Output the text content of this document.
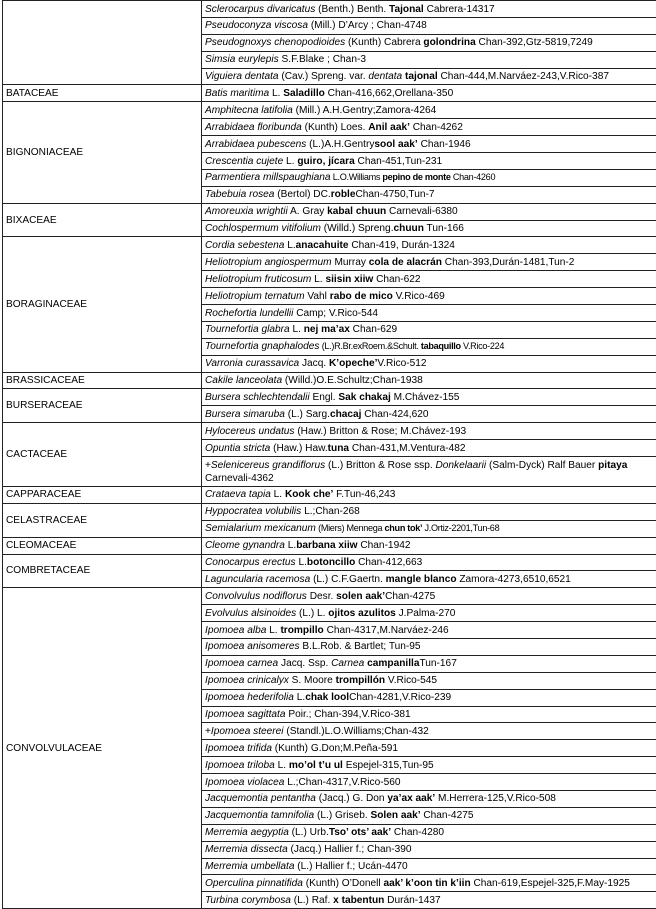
	Sclerocarpus divaricatus (Benth.) Benth. Tajonal Cabrera-14317
	Pseudoconyza viscosa (Mill.) D’Arcy ; Chan-4748
	Pseudognoxys chenopodioides (Kunth) Cabrera golondrina Chan-392,Gtz-5819,7249
	Simsia eurylepis S.F.Blake ; Chan-3
	Viguiera dentata (Cav.) Spreng. var. dentata tajonal Chan-444,M.Narváez-243,V.Rico-387
BATACEAE	Batis maritima L. Saladillo Chan-416,662,Orellana-350
BIGNONIACEAE	Amphitecna latifolia (Mill.) A.H.Gentry;Zamora-4264
	Arrabidaea floribunda (Kunth) Loes. Anil aak’ Chan-4262
	Arrabidaea pubescens (L.)A.H.Gentrysool aak’ Chan-1946
	Crescentia cujete L. guiro, jícara Chan-451,Tun-231
	Parmentiera millspaughiana L.O.Williams pepino de monte Chan-4260
	Tabebuia rosea (Bertol) DC.robleChan-4750,Tun-7
BIXACEAE	Amoreuxia wrightii A. Gray kabal chuun Carnevali-6380
	Cochlospermum vitifolium (Willd.) Spreng.chuun Tun-166
BORAGINACEAE	Cordia sebestena L.anacahuite Chan-419, Durán-1324
	Heliotropium angiospermum Murray cola de alacrán Chan-393,Durán-1481,Tun-2
	Heliotropium fruticosum L. siisin xiiw Chan-622
	Heliotropium ternatum Vahl rabo de mico V.Rico-469
	Rochefortia lundellii Camp; V.Rico-544
	Tournefortia glabra L. nej ma’ax Chan-629
	Tournefortia gnaphalodes (L.)R.Br.exRoem.&Schult. tabaquillo V.Rico-224
	Varronia curassavica Jacq. K’opeche’V.Rico-512
BRASSICACEAE	Cakile lanceolata (Willd.)O.E.Schultz;Chan-1938
BURSERACEAE	Bursera schlechtendalii Engl. Sak chakaj M.Chávez-155
	Bursera simaruba (L.) Sarg.chacaj Chan-424,620
CACTACEAE	Hylocereus undatus (Haw.) Britton & Rose; M.Chávez-193
	Opuntia stricta (Haw.) Haw.tuna Chan-431,M.Ventura-482
	+Selenicereus grandiflorus (L.) Britton & Rose ssp. Donkelaarii (Salm-Dyck) Ralf Bauer pitaya Carnevali-4362
CAPPARACEAE	Crataeva tapia L. Kook che’ F.Tun-46,243
CELASTRACEAE	Hyppocratea volubilis L.;Chan-268
	Semialarium mexicanum (Miers) Mennega chun tok’ J.Ortiz-2201,Tun-68
CLEOMACEAE	Cleome gynandra L.barbana xiiw Chan-1942
COMBRETACEAE	Conocarpus erectus L.botoncillo Chan-412,663
	Laguncularia racemosa (L.) C.F.Gaertn. mangle blanco Zamora-4273,6510,6521
CONVOLVULACEAE	Convolvulus nodiflorus Desr. solen aak’Chan-4275
	Evolvulus alsinoides (L.) L. ojitos azulitos J.Palma-270
	Ipomoea alba L. trompillo Chan-4317,M.Narváez-246
	Ipomoea anisomeres B.L.Rob. & Bartlet; Tun-95
	Ipomoea carnea Jacq. Ssp. Carnea campanillaTun-167
	Ipomoea crinicalyx S. Moore trompillón V.Rico-545
	Ipomoea hederifolia L.chak loolChan-4281,V.Rico-239
	Ipomoea sagittata Poir.; Chan-394,V.Rico-381
	+Ipomoea steerei (Standl.)L.O.Williams;Chan-432
	Ipomoea trifida (Kunth) G.Don;M.Peña-591
	Ipomoea triloba L. mo’ol t’u ul Espejel-315,Tun-95
	Ipomoea violacea L.;Chan-4317,V.Rico-560
	Jacquemontia pentantha (Jacq.) G. Don ya’ax aak’ M.Herrera-125,V.Rico-508
	Jacquemontia tamnifolia (L.) Griseb. Solen aak’ Chan-4275
	Merremia aegyptia (L.) Urb.Tso’ ots’ aak’ Chan-4280
	Merremia dissecta (Jacq.) Hallier f.; Chan-390
	Merremia umbellata (L.) Hallier f.; Ucán-4470
	Operculina pinnatifida (Kunth) O’Donell aak’ k’oon tin k’iin Chan-619,Espejel-325,F.May-1925
	Turbina corymbosa (L.) Raf. x tabentun Durán-1437
